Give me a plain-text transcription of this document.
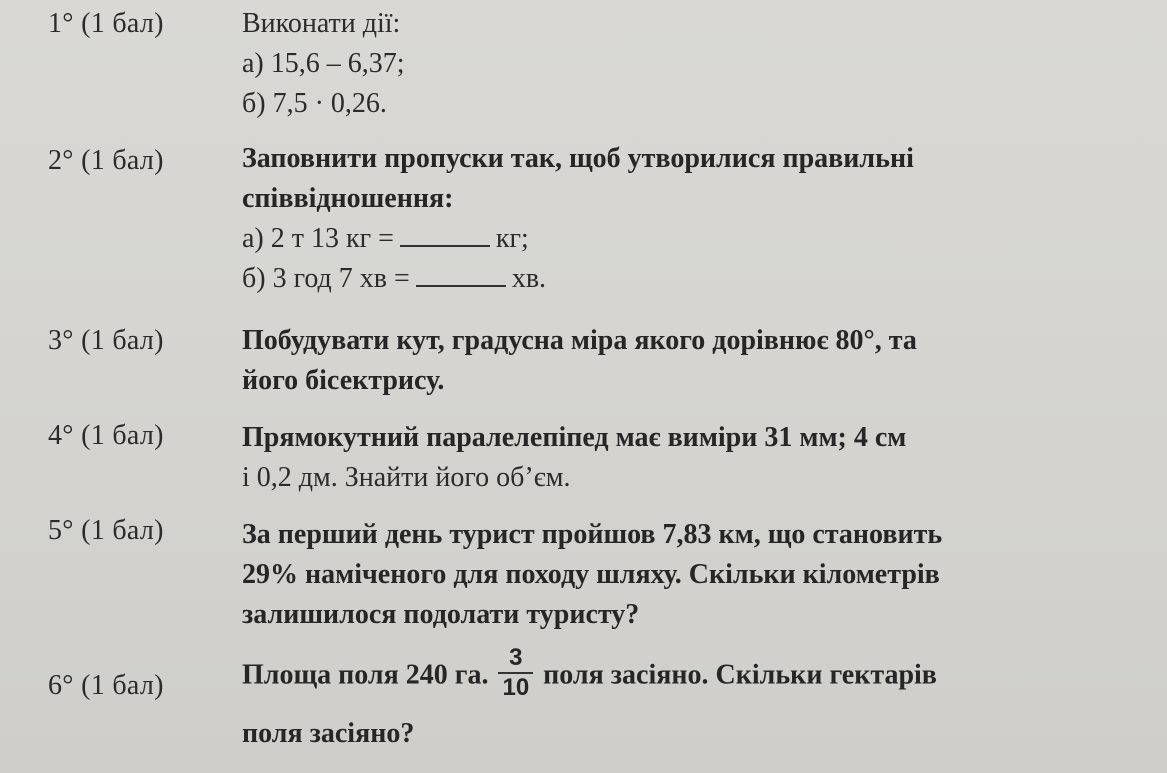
1° (1 бал)	Виконати дії:
а) 15,6 – 6,37;
б) 7,5 · 0,26.
2° (1 бал)	Заповнити пропуски так, щоб утворилися правильні
співвідношення:
а) 2 т 13 кг =	кг;
б) 3 год 7 хв =	хв.
3° (1 бал)	Побудувати кут, градусна міра якого дорівнює 80°, та
його бісектрису.
4° (1 бал)	Прямокутний паралелепіпед має виміри 31 мм; 4 см
і 0,2 дм. Знайти його об’єм.
5° (1 бал)	За перший день турист пройшов 7,83 км, що становить
29% наміченого для походу шляху. Скільки кілометрів
залишилося подолати туристу?
6° (1 бал)	Площа поля 240 га. $\frac{3}{10}$ поля засіяно. Скільки гектарів
поля засіяно?
